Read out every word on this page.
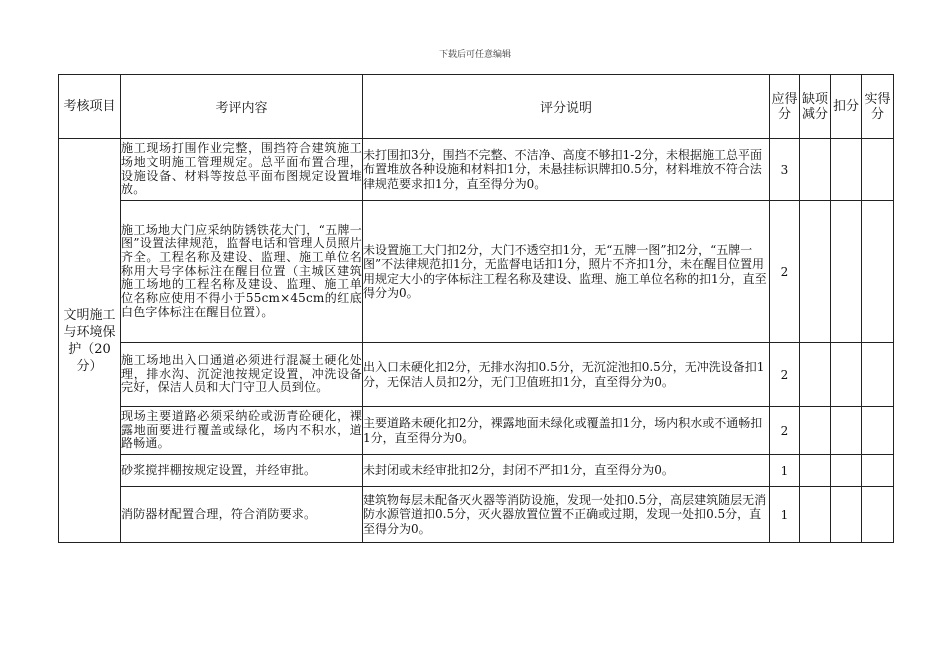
下载后可任意编辑
考核项目	考评内容	评分说明	应得分	缺项减分	扣分	实得分
文明施工与环境保护（20分）	施工现场打围作业完整，围挡符合建筑施工场地文明施工管理规定。总平面布置合理，设施设备、材料等按总平面布图规定设置堆放。	未打围扣3分，围挡不完整、不洁净、高度不够扣1-2分，未根据施工总平面布置堆放各种设施和材料扣1分，未悬挂标识牌扣0.5分，材料堆放不符合法律规范要求扣1分，直至得分为0。	3			
	施工场地大门应采纳防锈铁花大门，“五牌一图”设置法律规范，监督电话和管理人员照片齐全。工程名称及建设、监理、施工单位名称用大号字体标注在醒目位置（主城区建筑施工场地的工程名称及建设、监理、施工单位名称应使用不得小于55cm×45cm的红底白色字体标注在醒目位置）。	未设置施工大门扣2分，大门不透空扣1分，无“五牌一图”扣2分，“五牌一图”不法律规范扣1分，无监督电话扣1分，照片不齐扣1分，未在醒目位置用用规定大小的字体标注工程名称及建设、监理、施工单位名称的扣1分，直至得分为0。	2			
	施工场地出入口通道必须进行混凝土硬化处理，排水沟、沉淀池按规定设置，冲洗设备完好，保洁人员和大门守卫人员到位。	出入口未硬化扣2分，无排水沟扣0.5分，无沉淀池扣0.5分，无冲洗设备扣1分，无保洁人员扣2分，无门卫值班扣1分，直至得分为0。	2			
	现场主要道路必须采纳砼或沥青砼硬化，裸露地面要进行覆盖或绿化，场内不积水，道路畅通。	主要道路未硬化扣2分，裸露地面未绿化或覆盖扣1分，场内积水或不通畅扣1分，直至得分为0。	2			
	砂浆搅拌棚按规定设置，并经审批。	未封闭或未经审批扣2分，封闭不严扣1分，直至得分为0。	1			
	消防器材配置合理，符合消防要求。	建筑物每层未配备灭火器等消防设施，发现一处扣0.5分，高层建筑随层无消防水源管道扣0.5分，灭火器放置位置不正确或过期，发现一处扣0.5分，直至得分为0。	1			
